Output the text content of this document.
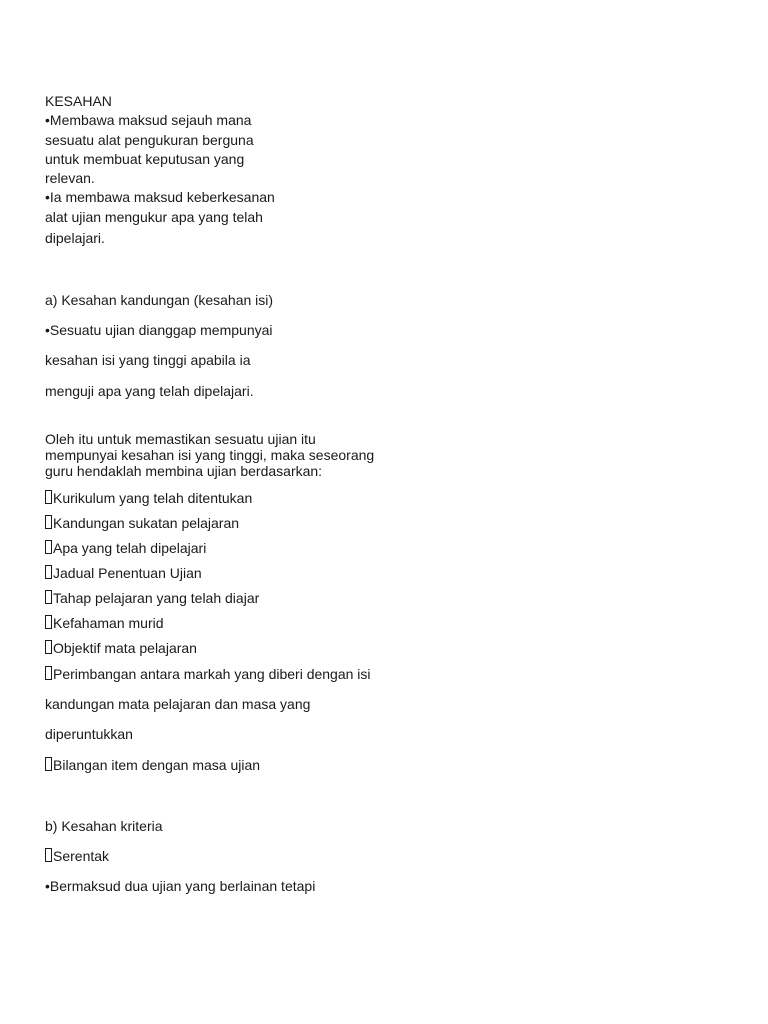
KESAHAN

•Membawa maksud sejauh mana

sesuatu alat pengukuran berguna

untuk membuat keputusan yang

relevan.

•Ia membawa maksud keberkesanan

alat ujian mengukur apa yang telah

dipelajari.

a) Kesahan kandungan (kesahan isi)

•Sesuatu ujian dianggap mempunyai

kesahan isi yang tinggi apabila ia

menguji apa yang telah dipelajari.

Oleh itu untuk memastikan sesuatu ujian itu

mempunyai kesahan isi yang tinggi, maka seseorang

guru hendaklah membina ujian berdasarkan:

Kurikulum yang telah ditentukan

Kandungan sukatan pelajaran

Apa yang telah dipelajari

Jadual Penentuan Ujian

Tahap pelajaran yang telah diajar

Kefahaman murid

Objektif mata pelajaran

Perimbangan antara markah yang diberi dengan isi

kandungan mata pelajaran dan masa yang

diperuntukkan

Bilangan item dengan masa ujian

b) Kesahan kriteria

Serentak

•Bermaksud dua ujian yang berlainan tetapi
